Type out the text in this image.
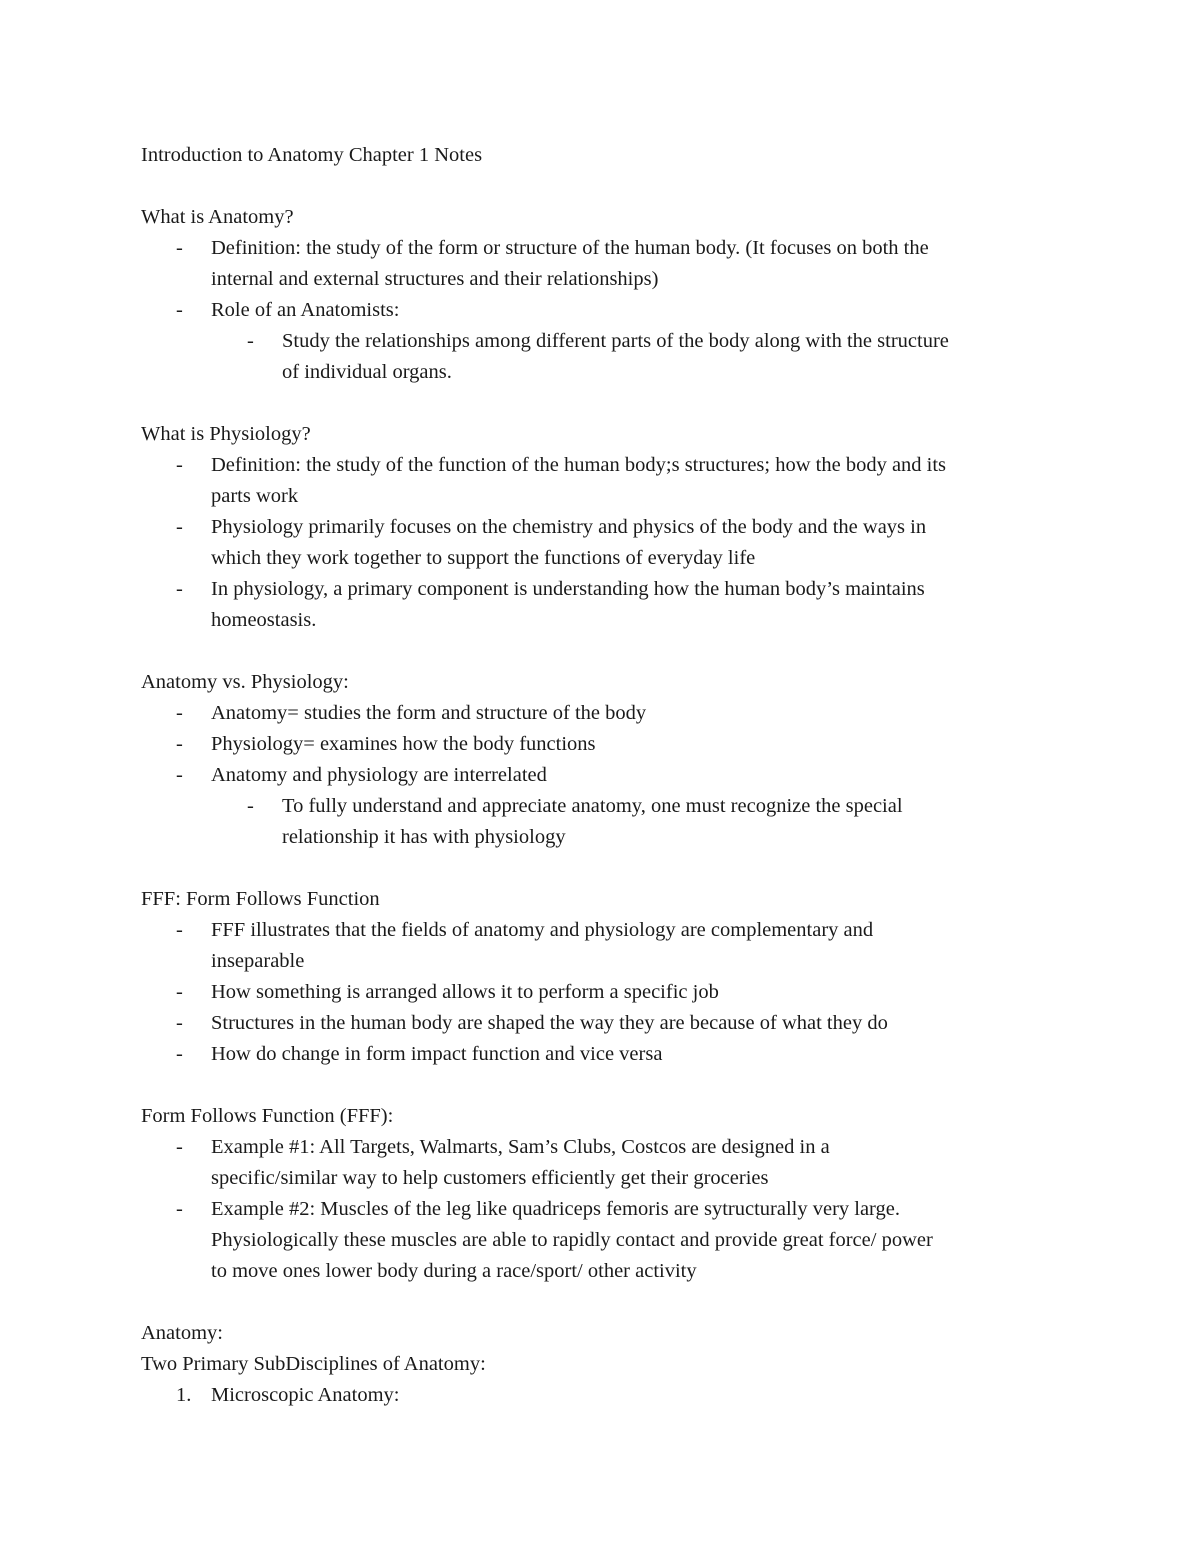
Introduction to Anatomy Chapter 1 Notes

What is Anatomy?

-	Definition: the study of the form or structure of the human body. (It focuses on both the
internal and external structures and their relationships)
-	Role of an Anatomists:
-	Study the relationships among different parts of the body along with the structure
of individual organs.

What is Physiology?

-	Definition: the study of the function of the human body;s structures; how the body and its
parts work
-	Physiology primarily focuses on the chemistry and physics of the body and the ways in
which they work together to support the functions of everyday life
-	In physiology, a primary component is understanding how the human body’s maintains
homeostasis.

Anatomy vs. Physiology:

-	Anatomy= studies the form and structure of the body
-	Physiology= examines how the body functions
-	Anatomy and physiology are interrelated
-	To fully understand and appreciate anatomy, one must recognize the special
relationship it has with physiology

FFF: Form Follows Function

-	FFF illustrates that the fields of anatomy and physiology are complementary and
inseparable
-	How something is arranged allows it to perform a specific job
-	Structures in the human body are shaped the way they are because of what they do
-	How do change in form impact function and vice versa

Form Follows Function (FFF):

-	Example #1: All Targets, Walmarts, Sam’s Clubs, Costcos are designed in a
specific/similar way to help customers efficiently get their groceries
-	Example #2: Muscles of the leg like quadriceps femoris are sytructurally very large.
Physiologically these muscles are able to rapidly contact and provide great force/ power
to move ones lower body during a race/sport/ other activity

Anatomy:

Two Primary SubDisciplines of Anatomy:

1. Microscopic Anatomy:
